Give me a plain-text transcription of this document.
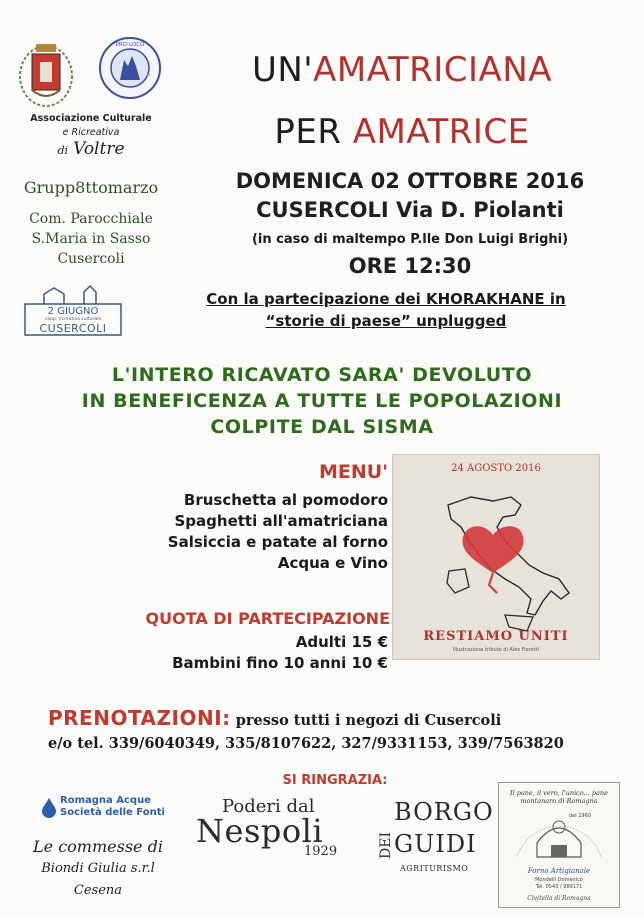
PRO-LOCO
Associazione Culturale
e Ricreativa
di Voltre
Grupp8ttomarzo
Com. Parocchiale
S.Maria in Sasso
Cusercoli
2 GIUGNO
coop. ricreativa culturale
CUSERCOLI
UN'AMATRICIANA
PER AMATRICE
DOMENICA 02 OTTOBRE 2016
CUSERCOLI Via D. Piolanti
(in caso di maltempo P.lle Don Luigi Brighi)
ORE 12:30
Con la partecipazione dei KHORAKHANE in
“storie di paese” unplugged
L'INTERO RICAVATO SARA' DEVOLUTO
IN BENEFICENZA A TUTTE LE POPOLAZIONI
COLPITE DAL SISMA
MENU'
Bruschetta al pomodoro
Spaghetti all'amatriciana
Salsiccia e patate al forno
Acqua e Vino
QUOTA DI PARTECIPAZIONE
Adulti 15 €
Bambini fino 10 anni 10 €
24 AGOSTO 2016
RESTIAMO UNITI
Illustrazione tributo di Alex Fioretti
PRENOTAZIONI: presso tutti i negozi di Cusercoli
e/o tel. 339/6040349, 335/8107622, 327/9331153, 339/7563820
SI RINGRAZIA:
Romagna Acque
Società delle Fonti
Le commesse di
Biondi Giulia s.r.l
Cesena
Poderi dal
Nespoli
1929
BORGO
DEI GUIDI
AGRITURISMO
Il pane, il vero, l'unico... pane montanaro di Romagna
dal 1960
Forno Artigianale
Mondelli Domenico
Tel. 0543 / 989171
Civitella di Romagna
